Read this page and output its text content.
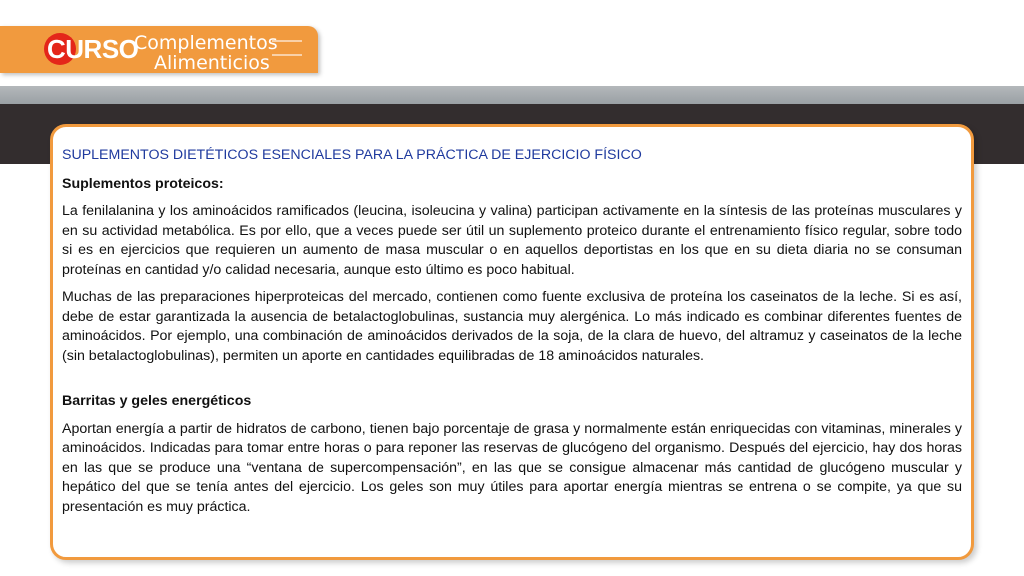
CURSO
Complementos
Alimenticios

SUPLEMENTOS DIETÉTICOS ESENCIALES PARA LA PRÁCTICA DE EJERCICIO FÍSICO

Suplementos proteicos:

La fenilalanina y los aminoácidos ramificados (leucina, isoleucina y valina) participan activamente en la síntesis de las proteínas musculares y en su actividad metabólica. Es por ello, que a veces puede ser útil un suplemento proteico durante el entrenamiento físico regular, sobre todo si es en ejercicios que requieren un aumento de masa muscular o en aquellos deportistas en los que en su dieta diaria no se consuman proteínas en cantidad y/o calidad necesaria, aunque esto último es poco habitual.

Muchas de las preparaciones hiperproteicas del mercado, contienen como fuente exclusiva de proteína los caseinatos de la leche. Si es así, debe de estar garantizada la ausencia de betalactoglobulinas, sustancia muy alergénica. Lo más indicado es combinar diferentes fuentes de aminoácidos. Por ejemplo, una combinación de aminoácidos derivados de la soja, de la clara de huevo, del altramuz y caseinatos de la leche (sin betalactoglobulinas), permiten un aporte en cantidades equilibradas de 18 aminoácidos naturales.

Barritas y geles energéticos

Aportan energía a partir de hidratos de carbono, tienen bajo porcentaje de grasa y normalmente están enriquecidas con vitaminas, minerales y aminoácidos. Indicadas para tomar entre horas o para reponer las reservas de glucógeno del organismo. Después del ejercicio, hay dos horas en las que se produce una “ventana de supercompensación”, en las que se consigue almacenar más cantidad de glucógeno muscular y hepático del que se tenía antes del ejercicio. Los geles son muy útiles para aportar energía mientras se entrena o se compite, ya que su presentación es muy práctica.
